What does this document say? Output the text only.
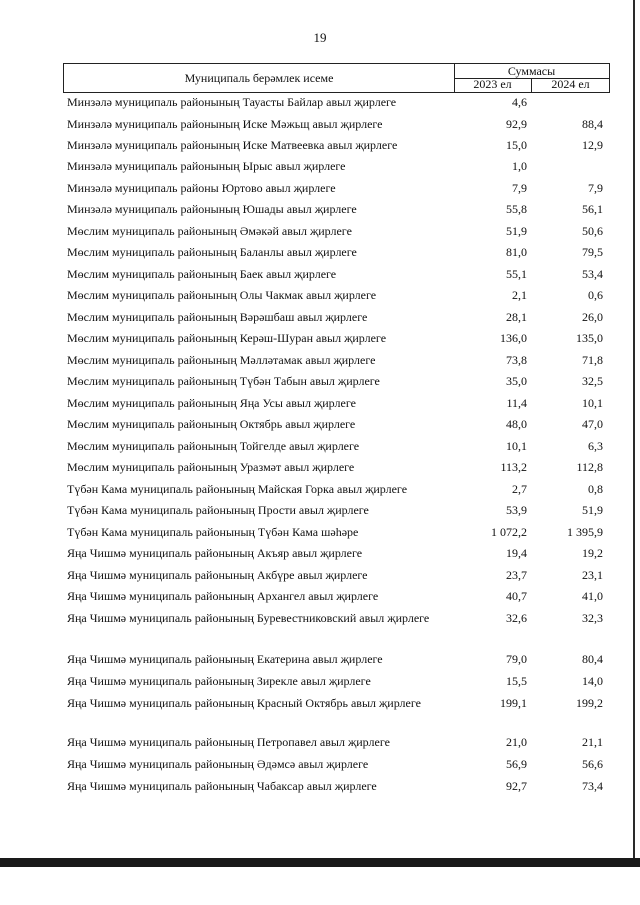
19
Муниципаль берәмлек исеме	Суммасы
2023 ел	2024 ел
Минзәлә муниципаль районының Тауасты Байлар авыл җирлеге	4,6
Минзәлә муниципаль районының Иске Мәжьщ авыл җирлеге	92,9	88,4
Минзәлә муниципаль районының Иске Матвеевка авыл җирлеге	15,0	12,9
Минзәлә муниципаль районының Ырыс авыл җирлеге	1,0
Минзәлә муниципаль районы Юртово авыл җирлеге	7,9	7,9
Минзәлә муниципаль районының Юшады авыл җирлеге	55,8	56,1
Мөслим муниципаль районының Әмәкәй авыл җирлеге	51,9	50,6
Мөслим муниципаль районының Баланлы авыл җирлеге	81,0	79,5
Мөслим муниципаль районының Баек авыл җирлеге	55,1	53,4
Мөслим муниципаль районының Олы Чакмак авыл җирлеге	2,1	0,6
Мөслим муниципаль районының Вәрәшбаш авыл җирлеге	28,1	26,0
Мөслим муниципаль районының Керәш-Шуран авыл җирлеге	136,0	135,0
Мөслим муниципаль районының Мәлләтамак авыл җирлеге	73,8	71,8
Мөслим муниципаль районының Түбән Табын авыл җирлеге	35,0	32,5
Мөслим муниципаль районының Яңа Усы авыл җирлеге	11,4	10,1
Мөслим муниципаль районының Октябрь авыл җирлеге	48,0	47,0
Мөслим муниципаль районының Тойгелде авыл җирлеге	10,1	6,3
Мөслим муниципаль районының Уразмәт авыл җирлеге	113,2	112,8
Түбән Кама муниципаль районының Майская Горка авыл җирлеге	2,7	0,8
Түбән Кама муниципаль районының Прости авыл җирлеге	53,9	51,9
Түбән Кама муниципаль районының Түбән Кама шәһәре	1 072,2	1 395,9
Яңа Чишмә муниципаль районының Акъяр авыл җирлеге	19,4	19,2
Яңа Чишмә муниципаль районының Акбүре авыл җирлеге	23,7	23,1
Яңа Чишмә муниципаль районының Архангел авыл җирлеге	40,7	41,0
Яңа Чишмә муниципаль районының Буревестниковский авыл җирлеге	32,6	32,3
Яңа Чишмә муниципаль районының Екатерина авыл җирлеге	79,0	80,4
Яңа Чишмә муниципаль районының Зирекле авыл җирлеге	15,5	14,0
Яңа Чишмә муниципаль районының Красный Октябрь авыл җирлеге	199,1	199,2
Яңа Чишмә муниципаль районының Петропавел авыл җирлеге	21,0	21,1
Яңа Чишмә муниципаль районының Әдәмсә авыл җирлеге	56,9	56,6
Яңа Чишмә муниципаль районының Чабаксар авыл җирлеге	92,7	73,4
